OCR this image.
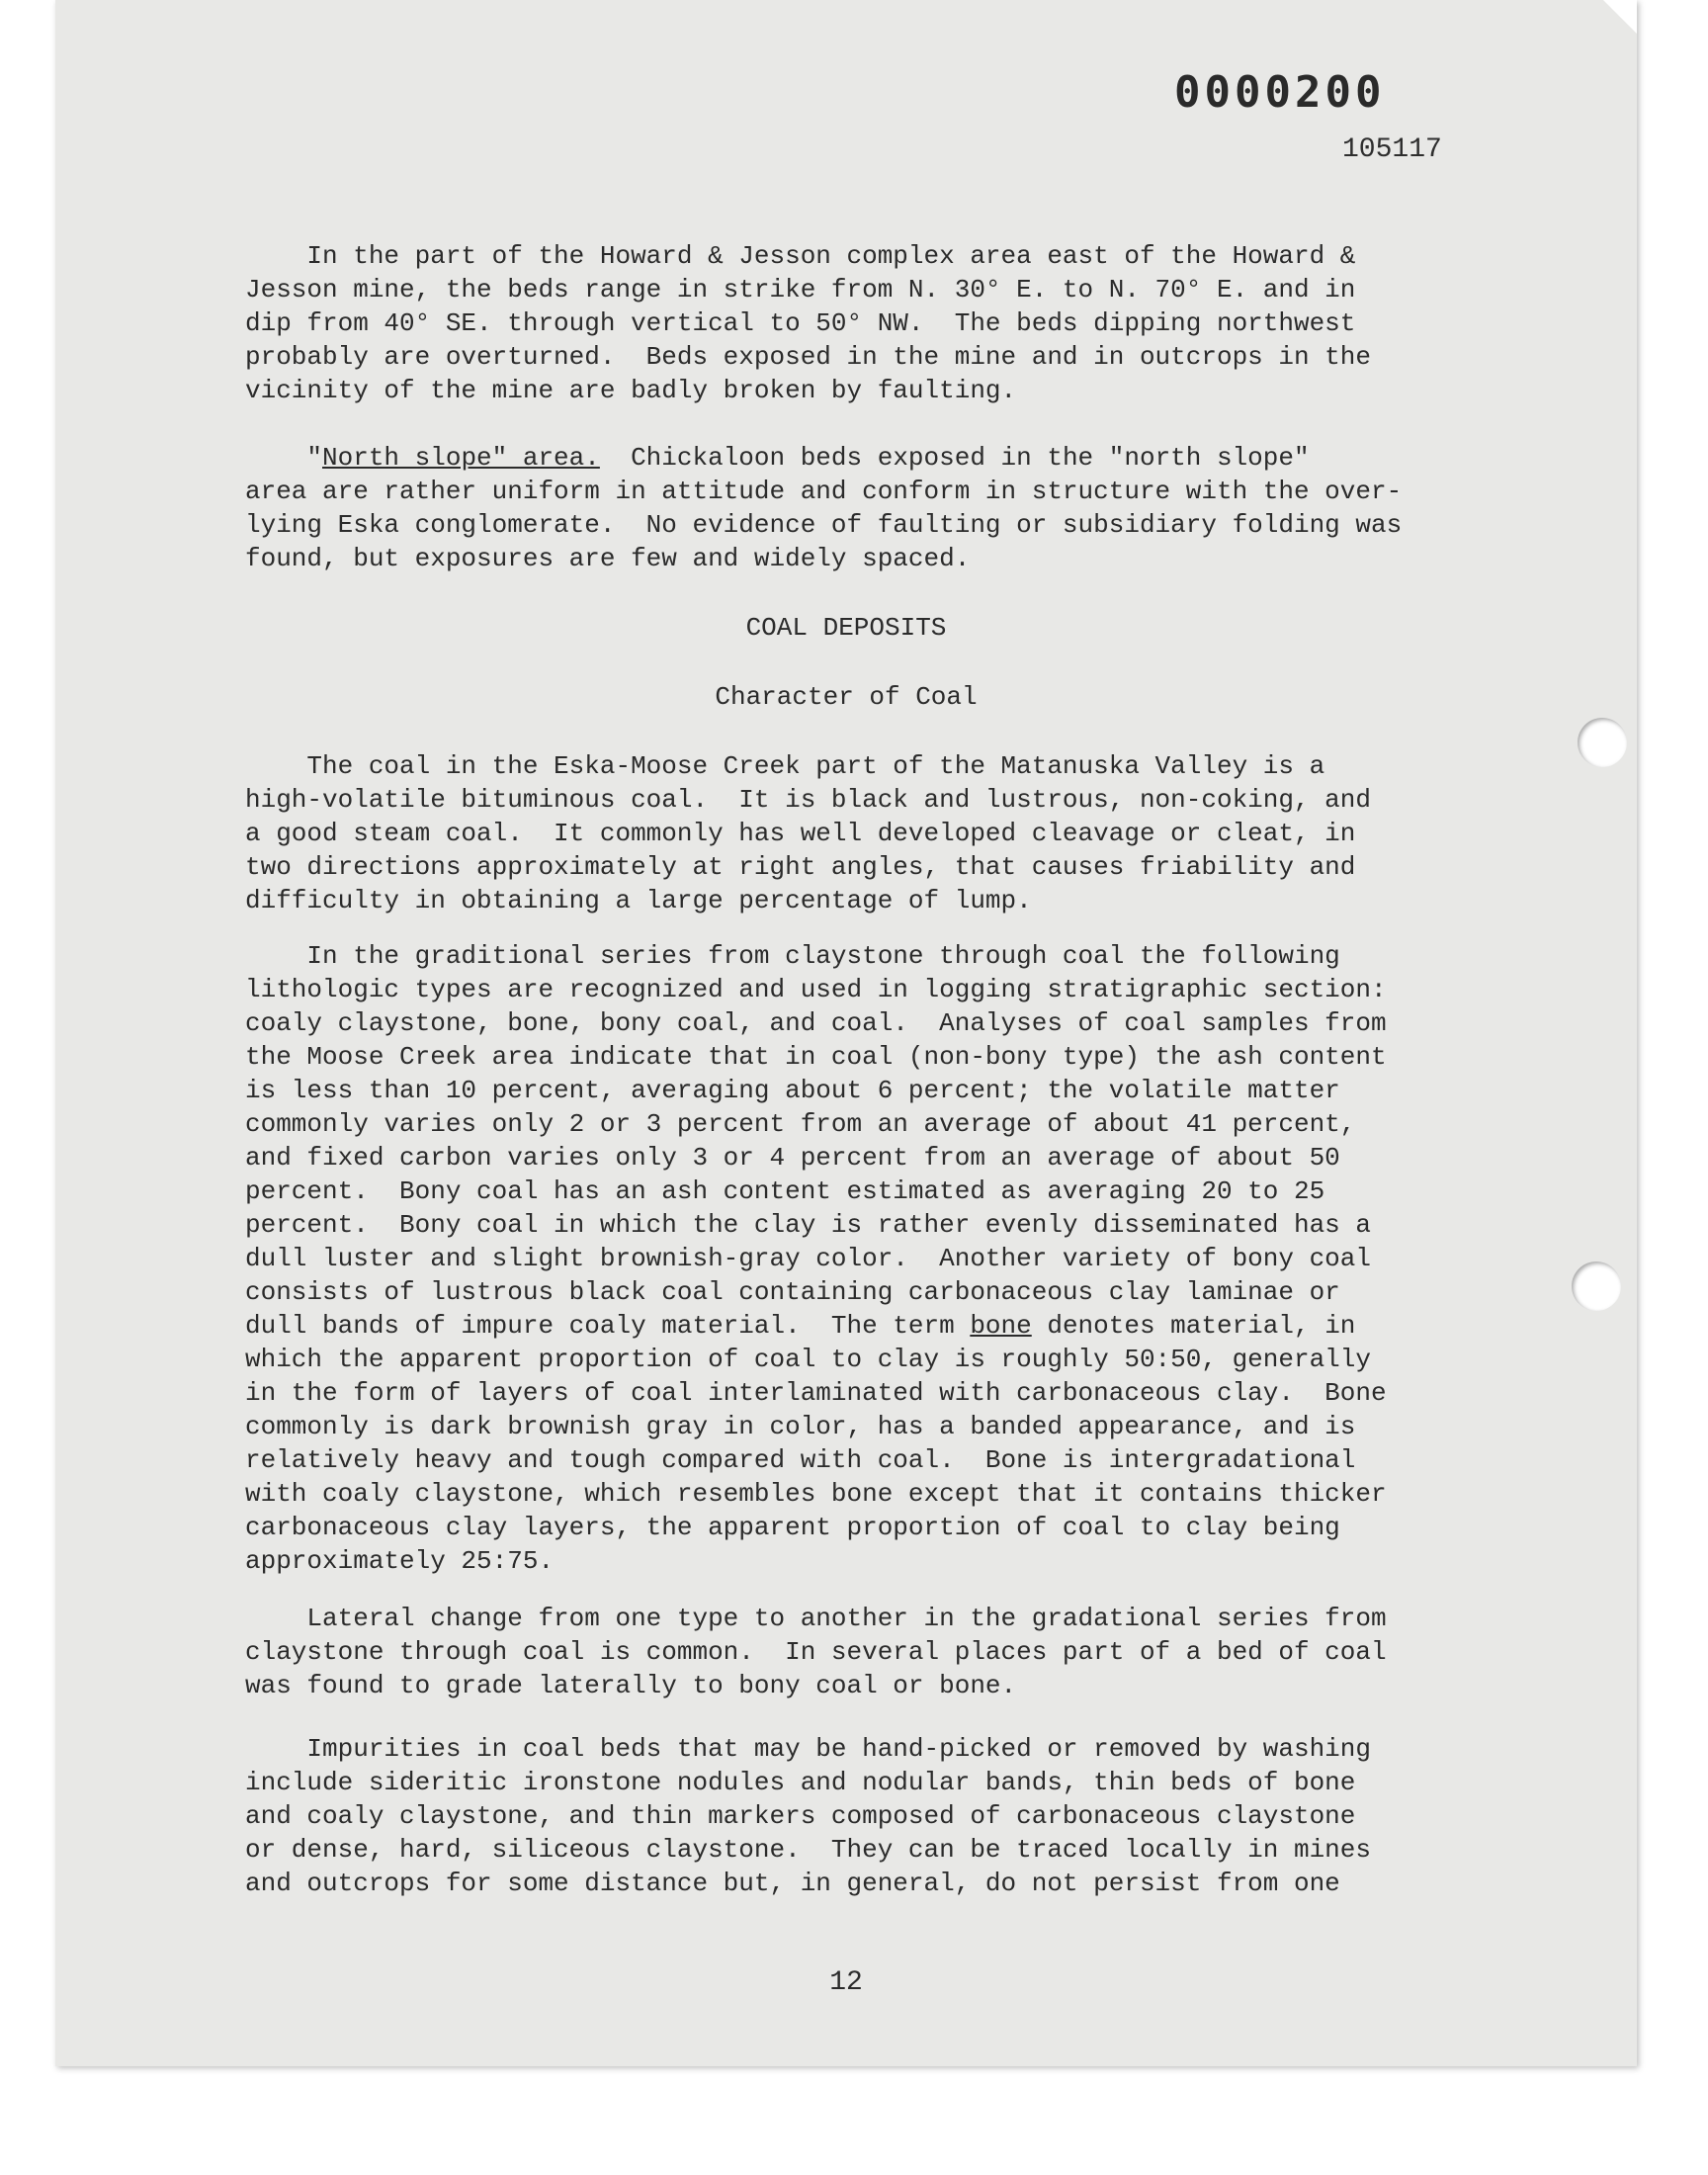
0000200
105117
In the part of the Howard & Jesson complex area east of the Howard &
Jesson mine, the beds range in strike from N. 30° E. to N. 70° E. and in
dip from 40° SE. through vertical to 50° NW.  The beds dipping northwest
probably are overturned.  Beds exposed in the mine and in outcrops in the
vicinity of the mine are badly broken by faulting.
"North slope" area.  Chickaloon beds exposed in the "north slope"
area are rather uniform in attitude and conform in structure with the over-
lying Eska conglomerate.  No evidence of faulting or subsidiary folding was
found, but exposures are few and widely spaced.
COAL DEPOSITS
Character of Coal
The coal in the Eska-Moose Creek part of the Matanuska Valley is a
high-volatile bituminous coal.  It is black and lustrous, non-coking, and
a good steam coal.  It commonly has well developed cleavage or cleat, in
two directions approximately at right angles, that causes friability and
difficulty in obtaining a large percentage of lump.
In the graditional series from claystone through coal the following
lithologic types are recognized and used in logging stratigraphic section:
coaly claystone, bone, bony coal, and coal.  Analyses of coal samples from
the Moose Creek area indicate that in coal (non-bony type) the ash content
is less than 10 percent, averaging about 6 percent; the volatile matter
commonly varies only 2 or 3 percent from an average of about 41 percent,
and fixed carbon varies only 3 or 4 percent from an average of about 50
percent.  Bony coal has an ash content estimated as averaging 20 to 25
percent.  Bony coal in which the clay is rather evenly disseminated has a
dull luster and slight brownish-gray color.  Another variety of bony coal
consists of lustrous black coal containing carbonaceous clay laminae or
dull bands of impure coaly material.  The term bone denotes material, in
which the apparent proportion of coal to clay is roughly 50:50, generally
in the form of layers of coal interlaminated with carbonaceous clay.  Bone
commonly is dark brownish gray in color, has a banded appearance, and is
relatively heavy and tough compared with coal.  Bone is intergradational
with coaly claystone, which resembles bone except that it contains thicker
carbonaceous clay layers, the apparent proportion of coal to clay being
approximately 25:75.
Lateral change from one type to another in the gradational series from
claystone through coal is common.  In several places part of a bed of coal
was found to grade laterally to bony coal or bone.
Impurities in coal beds that may be hand-picked or removed by washing
include sideritic ironstone nodules and nodular bands, thin beds of bone
and coaly claystone, and thin markers composed of carbonaceous claystone
or dense, hard, siliceous claystone.  They can be traced locally in mines
and outcrops for some distance but, in general, do not persist from one
12
